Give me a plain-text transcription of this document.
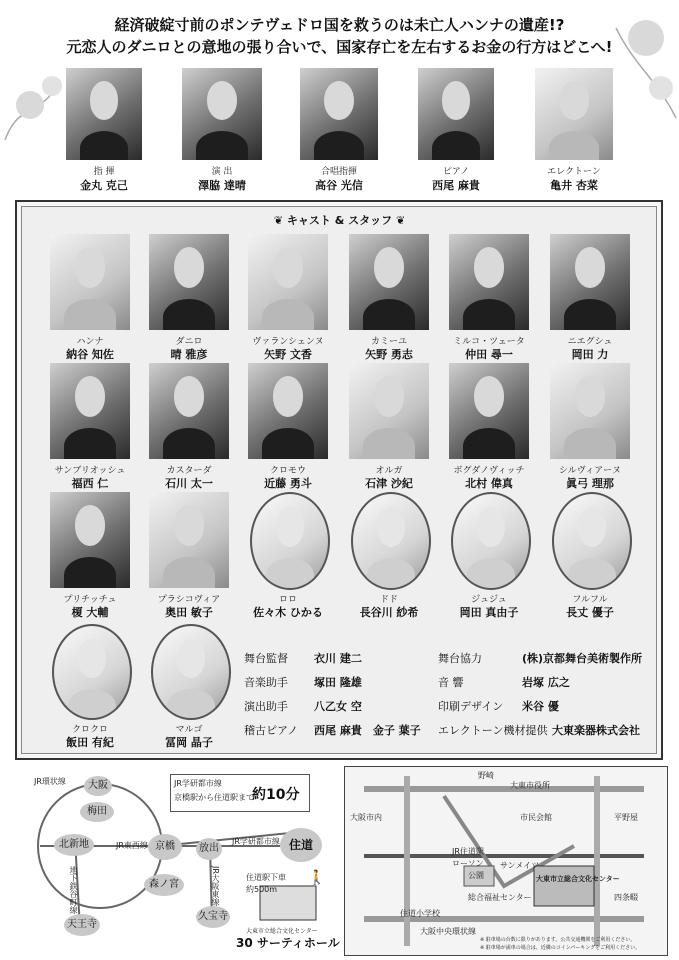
経済破綻寸前のポンテヴェドロ国を救うのは未亡人ハンナの遺産!?
元恋人のダニロとの意地の張り合いで、国家存亡を左右するお金の行方はどこへ!
指 揮
金丸 克己
演 出
澤脇 達晴
合唱指揮
高谷 光信
ピアノ
西尾 麻貴
エレクトーン
亀井 杏菜
❦ キャスト & スタッフ ❦
ハンナ
納谷 知佐
ダニロ
晴 雅彦
ヴァランシェンヌ
矢野 文香
カミーユ
矢野 勇志
ミルコ・ツェータ
仲田 尋一
ニエグシュ
岡田 力
サンブリオッシュ
福西 仁
カスターダ
石川 太一
クロモウ
近藤 勇斗
オルガ
石津 沙紀
ボグダノヴィッチ
北村 偉真
シルヴィアーヌ
眞弓 理那
プリチッチュ
榎 大輔
プラシコヴィア
奥田 敏子
ロロ
佐々木 ひかる
ドド
長谷川 紗希
ジュジュ
岡田 真由子
フルフル
長丈 優子
クロクロ
飯田 有紀
マルゴ
冨岡 晶子
舞台監督 衣川 建二
音楽助手 塚田 隆雄
演出助手 八乙女 空
稽古ピアノ 西尾 麻貴　金子 葉子
舞台協力	(株)京都舞台美術製作所
音 響	岩塚 広之
印刷デザイン 米谷 優
エレクトーン機材提供 大東楽器株式会社
JR環状線
JR東西線
地下鉄谷町線
JR学研都市線
JR大阪東線
JR学研都市線
京橋駅から住道駅まで
約10分
大阪
梅田
北新地	京橋
森ノ宮
天王寺
放出	住道
久宝寺
🚶
住道駅下車
約500m
大東市立総合文化センター
30 サーティホール
野崎
大阪市内	平野屋
大東市役所
市民会館
JR住道駅
ローソン
公園
サンメイツ
総合福祉センター
住道小学校
四条畷
大阪中央環状線
大東市立総合文化センター
※ 駐車場の台数に限りがあります。公共交通機関をご利用ください。
※ 駐車場が満車の場合は、近隣のコインパーキングをご利用ください。
